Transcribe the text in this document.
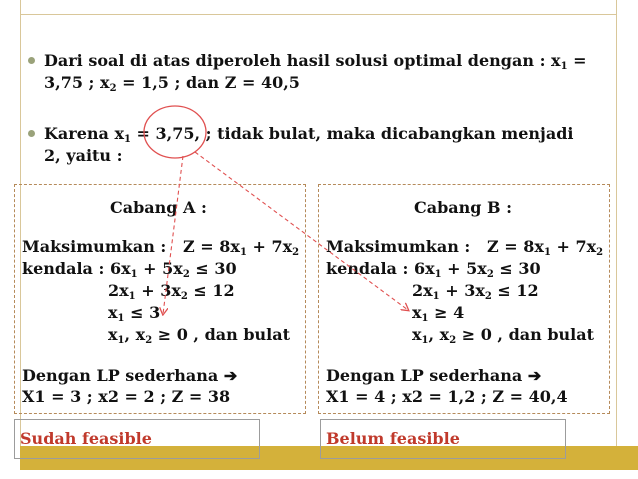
Dari soal di atas diperoleh hasil solusi optimal dengan : $x_1$ =
3,75 ; $x_2 = 1,5$ ; dan Z = 40,5
Karena $x_1 = 3,75$, ; tidak bulat, maka dicabangkan menjadi
2, yaitu :
Cabang A :
Maksimumkan : $Z = 8x_1 + 7x_2$
kendala : $6x_1 + 5x_2 \le 30$
$2x_1 + 3x_2 \le 12$
$x_1 \le 3$
$x_1$, $x_2 \ge 0$ , dan bulat
Dengan LP sederhana ➔
X1 = 3 ; x2 = 2 ; Z = 38
Cabang B :
Maksimumkan : $Z = 8x_1 + 7x_2$
kendala : $6x_1 + 5x_2 \le 30$
$2x_1 + 3x_2 \le 12$
$x_1 \ge 4$
$x_1$, $x_2 \ge 0$ , dan bulat
Dengan LP sederhana ➔
X1 = 4 ; x2 = 1,2 ; Z = 40,4
Sudah feasible	Belum feasible
